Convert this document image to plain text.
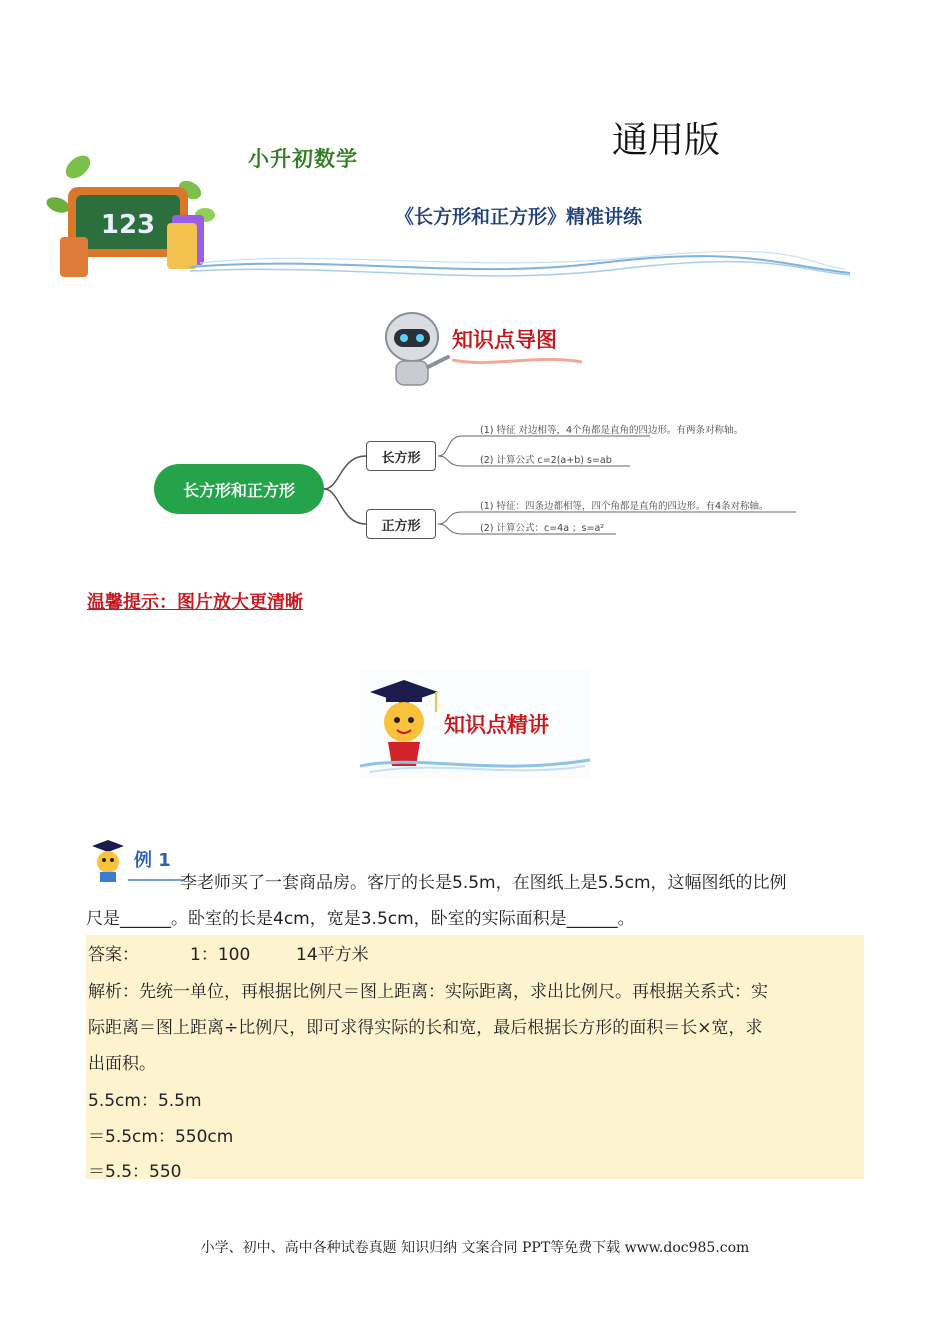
通用版
123
小升初数学
《长方形和正方形》精准讲练
知识点导图
长方形和正方形
长方形
正方形
(1) 特征 对边相等，4个角都是直角的四边形。有两条对称轴。
(2) 计算公式 c=2(a+b) s=ab
(1) 特征：四条边都相等，四个角都是直角的四边形。有4条对称轴。
(2) 计算公式：c=4a ；s=a²
温馨提示：图片放大更清晰
知识点精讲
例 1
李老师买了一套商品房。客厅的长是5.5m，在图纸上是5.5cm，这幅图纸的比例
尺是______。卧室的长是4cm，宽是3.5cm，卧室的实际面积是______。
答案：	1：100	14平方米
解析：先统一单位，再根据比例尺＝图上距离：实际距离，求出比例尺。再根据关系式：实
际距离＝图上距离÷比例尺，即可求得实际的长和宽，最后根据长方形的面积＝长×宽，求
出面积。
5.5cm：5.5m
＝5.5cm：550cm
＝5.5：550
小学、初中、高中各种试卷真题 知识归纳 文案合同 PPT等免费下载 www.doc985.com
